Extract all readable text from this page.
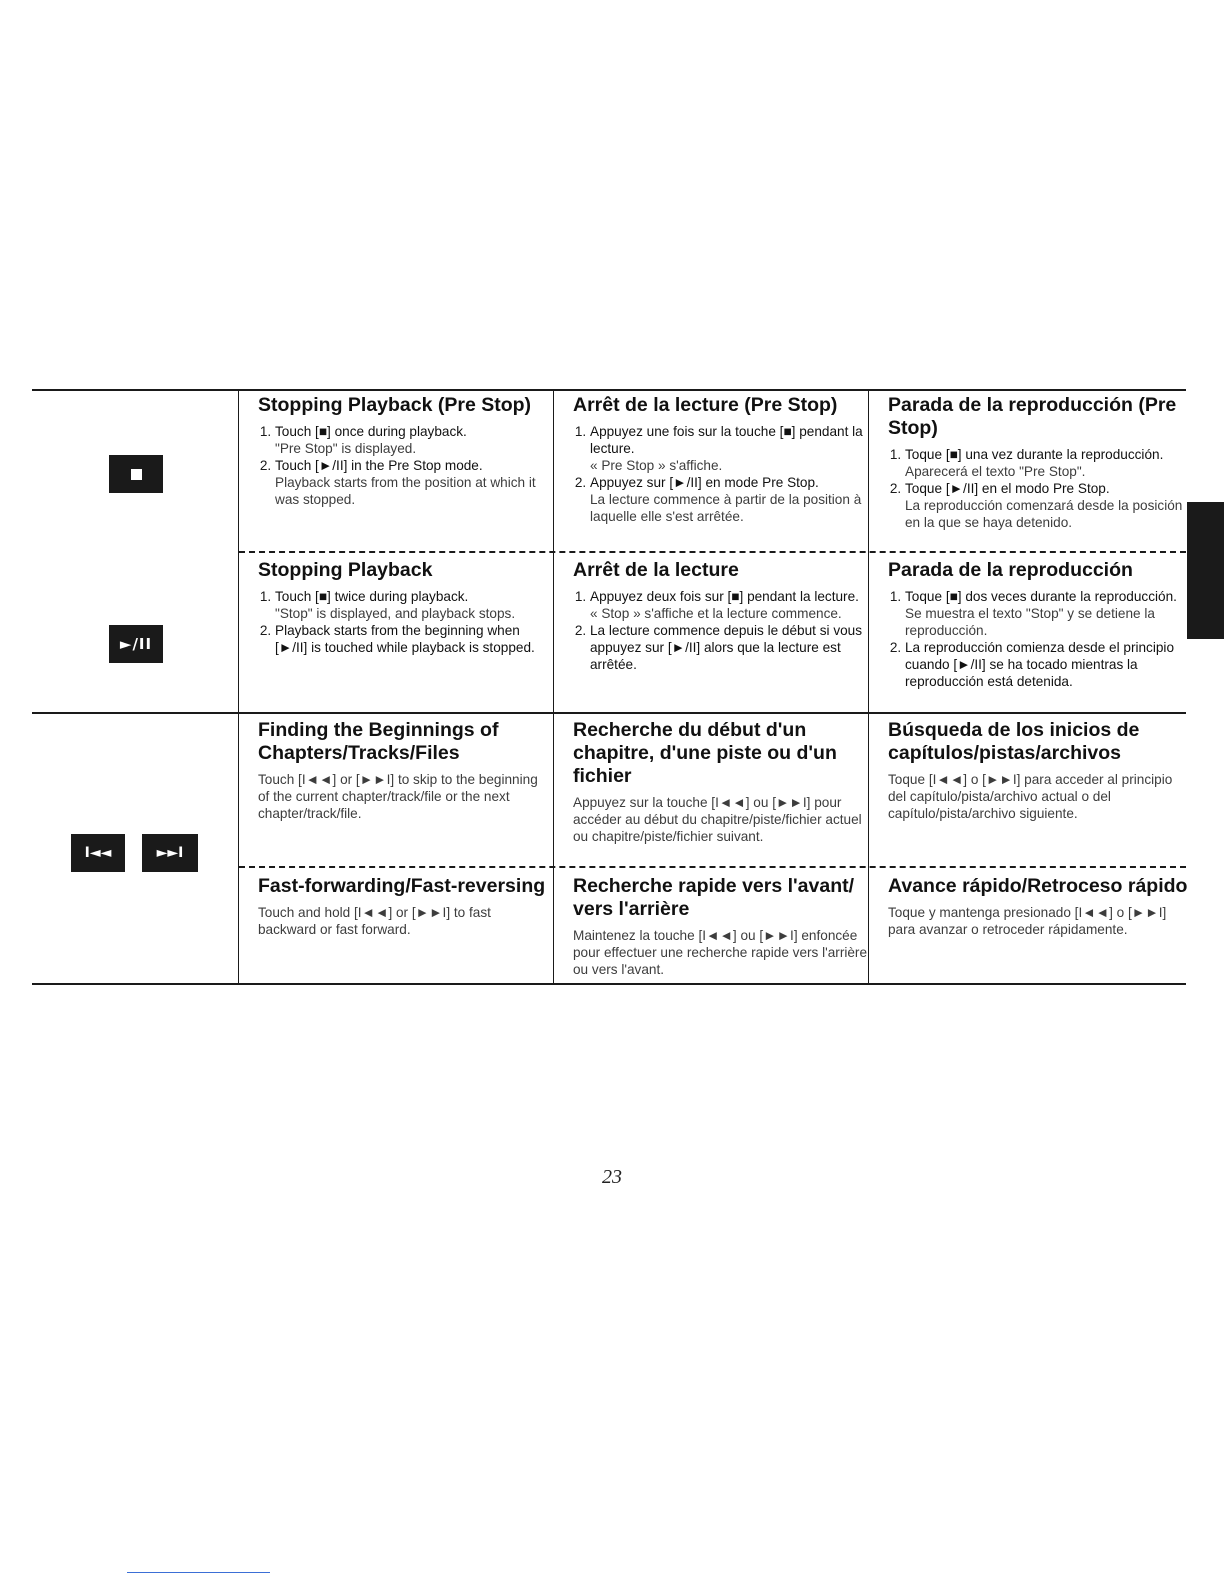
►/II
I◄◄	►►I
Stopping Playback (Pre Stop)
1. Touch [■] once during playback.
"Pre Stop" is displayed.
2. Touch [►/II] in the Pre Stop mode.
Playback starts from the position at which it was stopped.
Arrêt de la lecture (Pre Stop)
1. Appuyez une fois sur la touche [■] pendant la lecture.
« Pre Stop » s'affiche.
2. Appuyez sur [►/II] en mode Pre Stop.
La lecture commence à partir de la position à laquelle elle s'est arrêtée.
Parada de la reproducción (Pre Stop)
1. Toque [■] una vez durante la reproducción.
Aparecerá el texto "Pre Stop".
2. Toque [►/II] en el modo Pre Stop.
La reproducción comenzará desde la posición en la que se haya detenido.
Stopping Playback
1. Touch [■] twice during playback.
"Stop" is displayed, and playback stops.
2. Playback starts from the beginning when [►/II] is touched while playback is stopped.
Arrêt de la lecture
1. Appuyez deux fois sur [■] pendant la lecture.
« Stop » s'affiche et la lecture commence.
2. La lecture commence depuis le début si vous appuyez sur [►/II] alors que la lecture est arrêtée.
Parada de la reproducción
1. Toque [■] dos veces durante la reproducción.
Se muestra el texto "Stop" y se detiene la reproducción.
2. La reproducción comienza desde el principio cuando [►/II] se ha tocado mientras la reproducción está detenida.
Finding the Beginnings of Chapters/Tracks/Files

Touch [I◄◄] or [►►I] to skip to the beginning of the current chapter/track/file or the next chapter/track/file.

Recherche du début d'un chapitre, d'une piste ou d'un fichier

Appuyez sur la touche [I◄◄] ou [►►I] pour accéder au début du chapitre/piste/fichier actuel ou chapitre/piste/fichier suivant.

Búsqueda de los inicios de capítulos/pistas/archivos

Toque [I◄◄] o [►►I] para acceder al principio del capítulo/pista/archivo actual o del capítulo/pista/archivo siguiente.

Fast-forwarding/Fast-reversing

Touch and hold [I◄◄] or [►►I] to fast backward or fast forward.

Recherche rapide vers l'avant/ vers l'arrière

Maintenez la touche [I◄◄] ou [►►I] enfoncée pour effectuer une recherche rapide vers l'arrière ou vers l'avant.

Avance rápido/Retroceso rápido

Toque y mantenga presionado [I◄◄] o [►►I] para avanzar o retroceder rápidamente.

23
